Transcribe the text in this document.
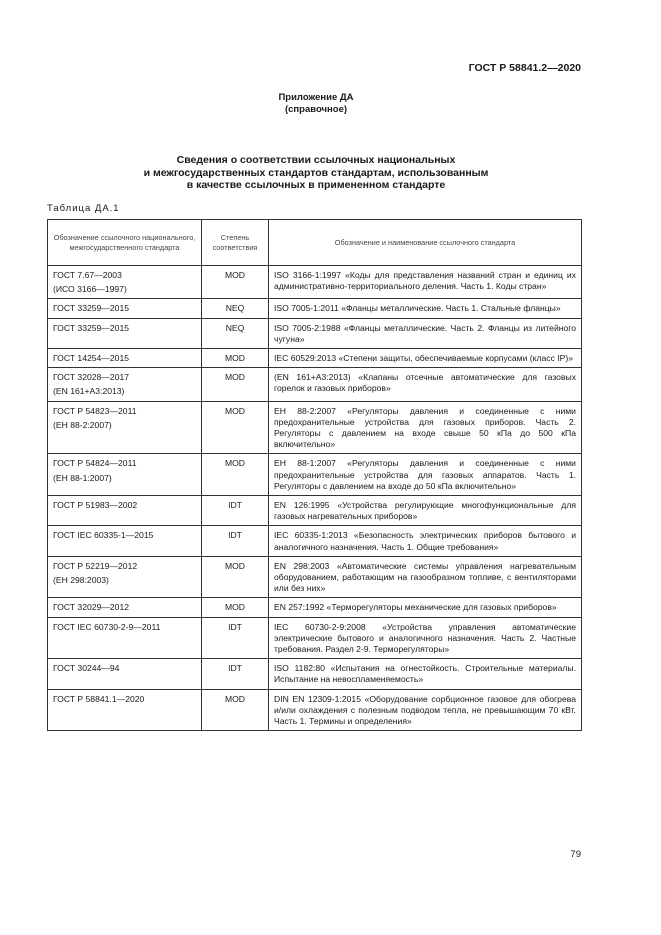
ГОСТ Р 58841.2—2020
Приложение ДА
(справочное)
Сведения о соответствии ссылочных национальных
и межгосударственных стандартов стандартам, использованным
в качестве ссылочных в примененном стандарте
Таблица ДА.1
Обозначение ссылочного национального, межгосударственного стандарта	Степень соответствия	Обозначение и наименование ссылочного стандарта

ГОСТ 7.67—2003
(ИСО 3166—1997)	MOD	ISO 3166-1:1997 «Коды для представления названий стран и единиц их административно-территориального деления. Часть 1. Коды стран»

ГОСТ 33259—2015	NEQ	ISO 7005-1:2011 «Фланцы металлические. Часть 1. Стальные фланцы»

ГОСТ 33259—2015	NEQ	ISO 7005-2:1988 «Фланцы металлические. Часть 2. Фланцы из литейного чугуна»

ГОСТ 14254—2015	MOD	IEC 60529:2013 «Степени защиты, обеспечиваемые корпусами (класс IP)»

ГОСТ 32028—2017
(EN 161+A3:2013)	MOD	(EN 161+A3:2013) «Клапаны отсечные автоматические для газовых горелок и газовых приборов»

ГОСТ Р 54823—2011
(ЕН 88-2:2007)	MOD	ЕН 88-2:2007 «Регуляторы давления и соединенные с ними предохранительные устройства для газовых приборов. Часть 2. Регуляторы с давлением на входе свыше 50 кПа до 500 кПа включительно»

ГОСТ Р 54824—2011
(ЕН 88-1:2007)	MOD	ЕН 88-1:2007 «Регуляторы давления и соединенные с ними предохранительные устройства для газовых аппаратов. Часть 1. Регуляторы с давлением на входе до 50 кПа включительно»

ГОСТ Р 51983—2002	IDT	EN 126:1995 «Устройства регулирующие многофункциональные для газовых нагревательных приборов»

ГОСТ IEC 60335-1—2015	IDT	IEC 60335-1:2013 «Безопасность электрических приборов бытового и аналогичного назначения. Часть 1. Общие требования»

ГОСТ Р 52219—2012
(ЕН 298:2003)	MOD	EN 298:2003 «Автоматические системы управления нагревательным оборудованием, работающим на газообразном топливе, с вентиляторами или без них»

ГОСТ 32029—2012	MOD	EN 257:1992 «Терморегуляторы механические для газовых приборов»

ГОСТ IEC 60730-2-9—2011	IDT	IEC 60730-2-9:2008 «Устройства управления автоматические электрические бытового и аналогичного назначения. Часть 2. Частные требования. Раздел 2-9. Терморегуляторы»

ГОСТ 30244—94	IDT	ISO 1182:80 «Испытания на огнестойкость. Строительные материалы. Испытание на невоспламеняемость»

ГОСТ Р 58841.1—2020	MOD	DIN EN 12309-1:2015 «Оборудование сорбционное газовое для обогрева и/или охлаждения с полезным подводом тепла, не превышающим 70 кВт. Часть 1. Термины и определения»
79
